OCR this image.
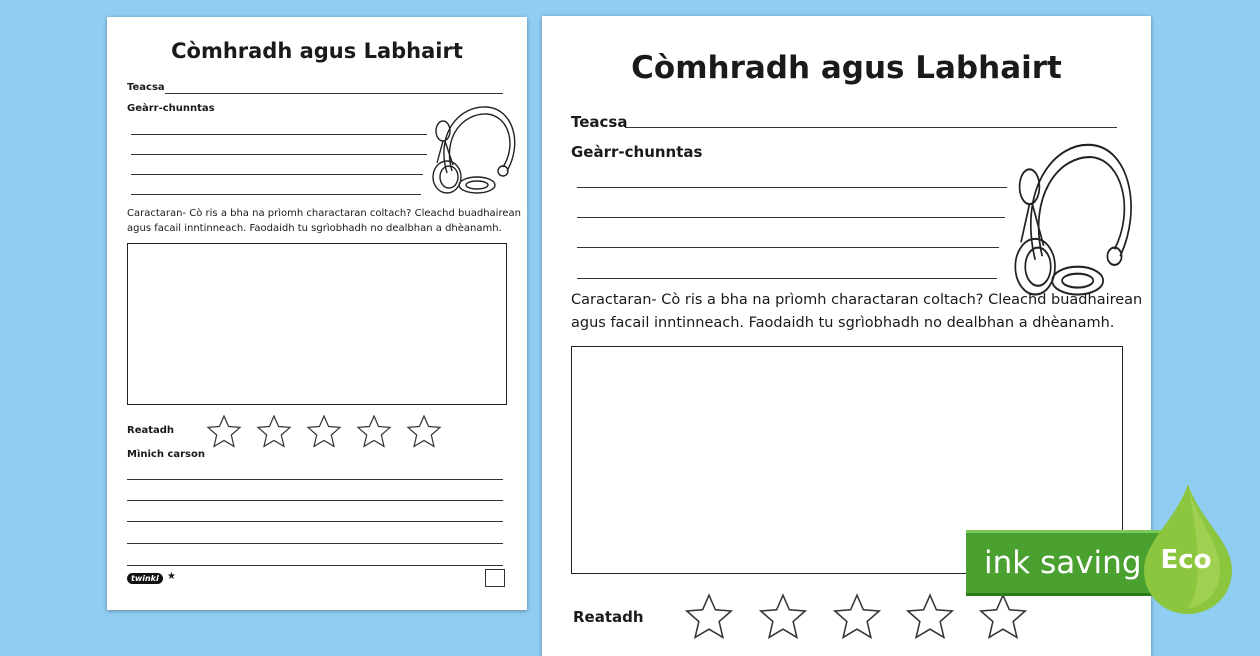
Còmhradh agus Labhairt
Teacsa
Geàrr-chunntas
Caractaran- Cò ris a bha na prìomh charactaran coltach? Cleachd buadhairean
agus facail inntinneach. Faodaidh tu sgrìobhadh no dealbhan a dhèanamh.
Reatadh
Mìnich carson
twinkl ★
Còmhradh agus Labhairt
Teacsa
Geàrr-chunntas
Caractaran- Cò ris a bha na prìomh charactaran coltach? Cleachd buadhairean
agus facail inntinneach. Faodaidh tu sgrìobhadh no dealbhan a dhèanamh.
Reatadh
ink saving Eco
